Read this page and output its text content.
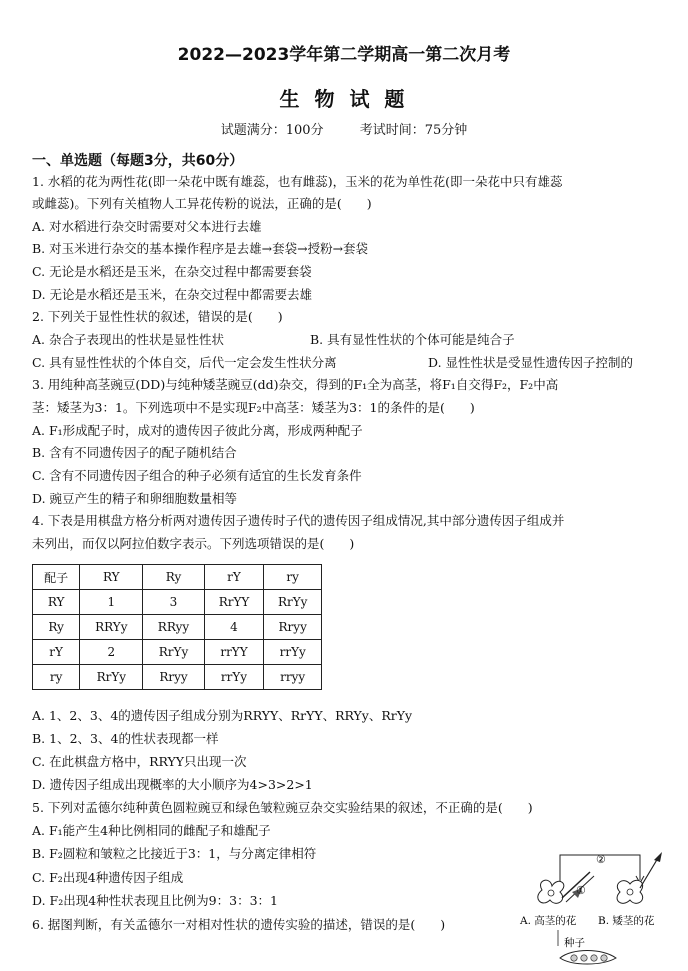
2022—2023学年第二学期高一第二次月考
生 物 试 题
试题满分：100分	考试时间：75分钟
一、单选题（每题3分，共60分）
1. 水稻的花为两性花(即一朵花中既有雄蕊，也有雌蕊)，玉米的花为单性花(即一朵花中只有雄蕊
或雌蕊)。下列有关植物人工异花传粉的说法，正确的是(　　)
A. 对水稻进行杂交时需要对父本进行去雄
B. 对玉米进行杂交的基本操作程序是去雄→套袋→授粉→套袋
C. 无论是水稻还是玉米，在杂交过程中都需要套袋
D. 无论是水稻还是玉米，在杂交过程中都需要去雄
2. 下列关于显性性状的叙述，错误的是(　　)
A. 杂合子表现出的性状是显性性状	B. 具有显性性状的个体可能是纯合子
C. 具有显性性状的个体自交，后代一定会发生性状分离	D. 显性性状是受显性遗传因子控制的
3. 用纯种高茎豌豆(DD)与纯种矮茎豌豆(dd)杂交，得到的F₁全为高茎，将F₁自交得F₂，F₂中高
茎：矮茎为3：1。下列选项中不是实现F₂中高茎：矮茎为3：1的条件的是(　　)
A. F₁形成配子时，成对的遗传因子彼此分离，形成两种配子
B. 含有不同遗传因子的配子随机结合
C. 含有不同遗传因子组合的种子必须有适宜的生长发育条件
D. 豌豆产生的精子和卵细胞数量相等
4. 下表是用棋盘方格分析两对遗传因子遗传时子代的遗传因子组成情况,其中部分遗传因子组成并
未列出，而仅以阿拉伯数字表示。下列选项错误的是(　　)
配子	RY	Ry	rY	ry
RY	1	3	RrYY	RrYy
Ry	RRYy	RRyy	4	Rryy
rY	2	RrYy	rrYY	rrYy
ry	RrYy	Rryy	rrYy	rryy
A. 1、2、3、4的遗传因子组成分别为RRYY、RrYY、RRYy、RrYy
B. 1、2、3、4的性状表现都一样
C. 在此棋盘方格中，RRYY只出现一次
D. 遗传因子组成出现概率的大小顺序为4>3>2>1
5. 下列对孟德尔纯种黄色圆粒豌豆和绿色皱粒豌豆杂交实验结果的叙述，不正确的是(　　)
A. F₁能产生4种比例相同的雌配子和雄配子
B. F₂圆粒和皱粒之比接近于3：1，与分离定律相符
C. F₂出现4种遗传因子组成
D. F₂出现4种性状表现且比例为9：3：3：1
6. 据图判断，有关孟德尔一对相对性状的遗传实验的描述，错误的是(　　)
②
①
A. 高茎的花 B. 矮茎的花
种子
